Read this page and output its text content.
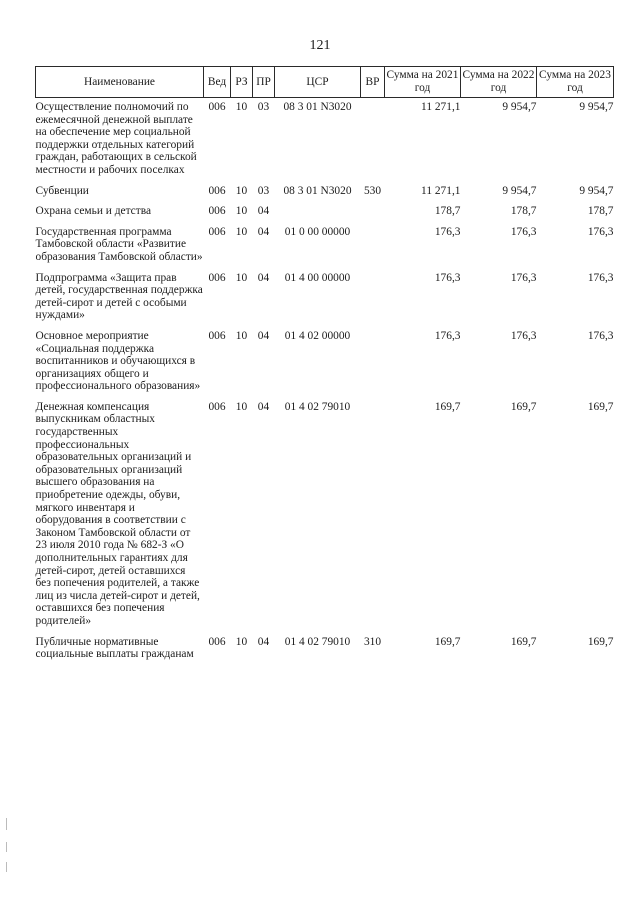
121
Наименование	Вед	РЗ	ПР	ЦСР	ВР	Сумма на 2021 год	Сумма на 2022 год	Сумма на 2023 год
Осуществление полномочий по ежемесячной денежной выплате на обеспечение мер социальной поддержки отдельных категорий граждан, работающих в сельской местности и рабочих поселках	006	10	03	08 3 01 N3020		11 271,1	9 954,7	9 954,7
Субвенции	006	10	03	08 3 01 N3020	530	11 271,1	9 954,7	9 954,7
Охрана семьи и детства	006	10	04			178,7	178,7	178,7
Государственная программа Тамбовской области «Развитие образования Тамбовской области»	006	10	04	01 0 00 00000		176,3	176,3	176,3
Подпрограмма «Защита прав детей, государственная поддержка детей-сирот и детей с особыми нуждами»	006	10	04	01 4 00 00000		176,3	176,3	176,3
Основное мероприятие «Социальная поддержка воспитанников и обучающихся в организациях общего и профессионального образования»	006	10	04	01 4 02 00000		176,3	176,3	176,3
Денежная компенсация выпускникам областных государственных профессиональных образовательных организаций и образовательных организаций высшего образования на приобретение одежды, обуви, мягкого инвентаря и оборудования в соответствии с Законом Тамбовской области от 23 июля 2010 года № 682-З «О дополнительных гарантиях для детей-сирот, детей оставшихся без попечения родителей, а также лиц из числа детей-сирот и детей, оставшихся без попечения родителей»	006	10	04	01 4 02 79010		169,7	169,7	169,7
Публичные нормативные социальные выплаты гражданам	006	10	04	01 4 02 79010	310	169,7	169,7	169,7
